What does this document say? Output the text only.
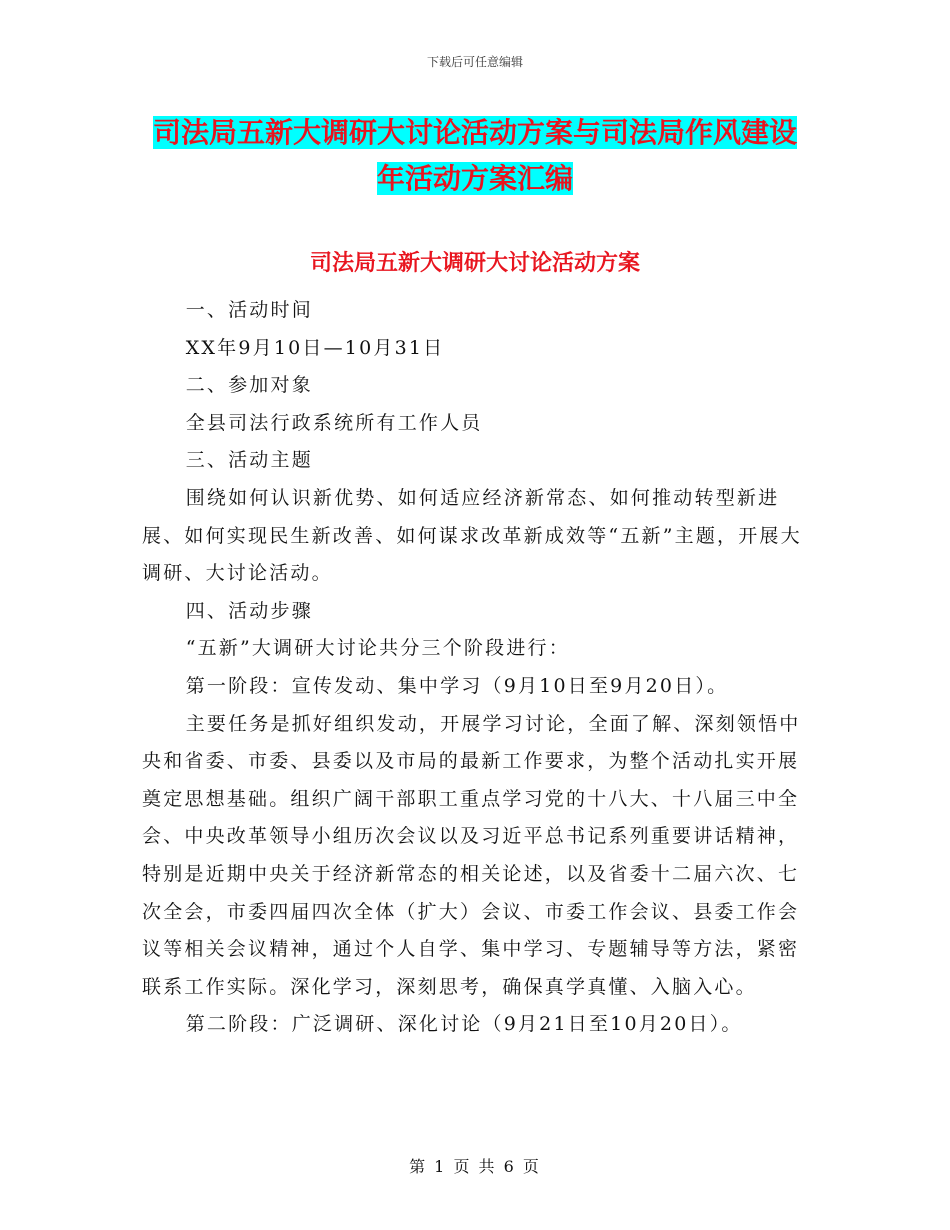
下载后可任意编辑
司法局五新大调研大讨论活动方案与司法局作风建设
年活动方案汇编
司法局五新大调研大讨论活动方案

一、活动时间

XX年9月10日—10月31日

二、参加对象

全县司法行政系统所有工作人员

三、活动主题

围绕如何认识新优势、如何适应经济新常态、如何推动转型新进展、如何实现民生新改善、如何谋求改革新成效等“五新”主题，开展大调研、大讨论活动。

四、活动步骤

“五新”大调研大讨论共分三个阶段进行：

第一阶段：宣传发动、集中学习（9月10日至9月20日）。

主要任务是抓好组织发动，开展学习讨论，全面了解、深刻领悟中央和省委、市委、县委以及市局的最新工作要求，为整个活动扎实开展奠定思想基础。组织广阔干部职工重点学习党的十八大、十八届三中全会、中央改革领导小组历次会议以及习近平总书记系列重要讲话精神，特别是近期中央关于经济新常态的相关论述，以及省委十二届六次、七次全会，市委四届四次全体（扩大）会议、市委工作会议、县委工作会议等相关会议精神，通过个人自学、集中学习、专题辅导等方法，紧密联系工作实际。深化学习，深刻思考，确保真学真懂、入脑入心。

第二阶段：广泛调研、深化讨论（9月21日至10月20日）。

第 1 页 共 6 页
